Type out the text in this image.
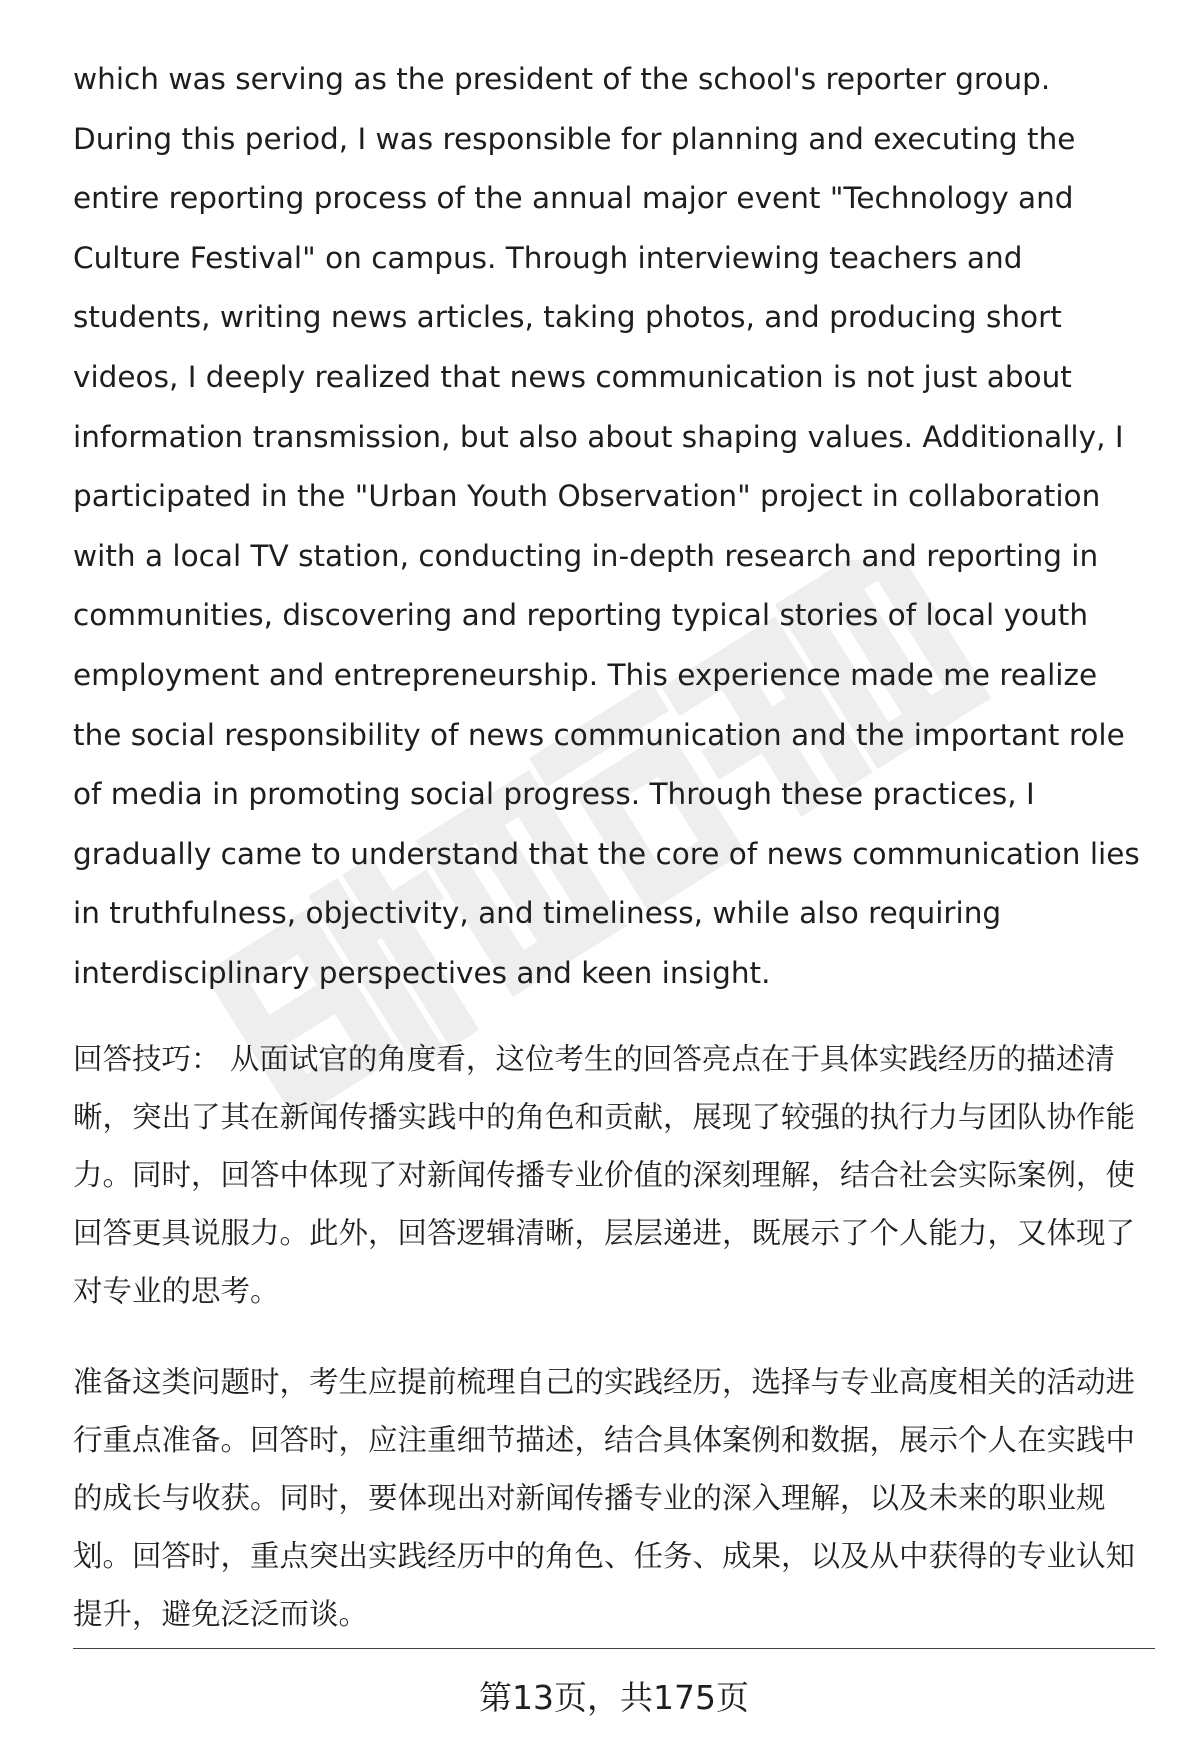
which was serving as the president of the school's reporter group. During this period, I was responsible for planning and executing the entire reporting process of the annual major event "Technology and Culture Festival" on campus. Through interviewing teachers and students, writing news articles, taking photos, and producing short videos, I deeply realized that news communication is not just about information transmission, but also about shaping values. Additionally, I participated in the "Urban Youth Observation" project in collaboration with a local TV station, conducting in-depth research and reporting in communities, discovering and reporting typical stories of local youth employment and entrepreneurship. This experience made me realize the social responsibility of news communication and the important role of media in promoting social progress. Through these practices, I gradually came to understand that the core of news communication lies in truthfulness, objectivity, and timeliness, while also requiring interdisciplinary perspectives and keen insight.

回答技巧： 从面试官的角度看，这位考生的回答亮点在于具体实践经历的描述清晰，突出了其在新闻传播实践中的角色和贡献，展现了较强的执行力与团队协作能力。同时，回答中体现了对新闻传播专业价值的深刻理解，结合社会实际案例，使回答更具说服力。此外，回答逻辑清晰，层层递进，既展示了个人能力，又体现了对专业的思考。

准备这类问题时，考生应提前梳理自己的实践经历，选择与专业高度相关的活动进行重点准备。回答时，应注重细节描述，结合具体案例和数据，展示个人在实践中的成长与收获。同时，要体现出对新闻传播专业的深入理解，以及未来的职业规划。回答时，重点突出实践经历中的角色、任务、成果，以及从中获得的专业认知提升，避免泛泛而谈。

第13页，共175页
